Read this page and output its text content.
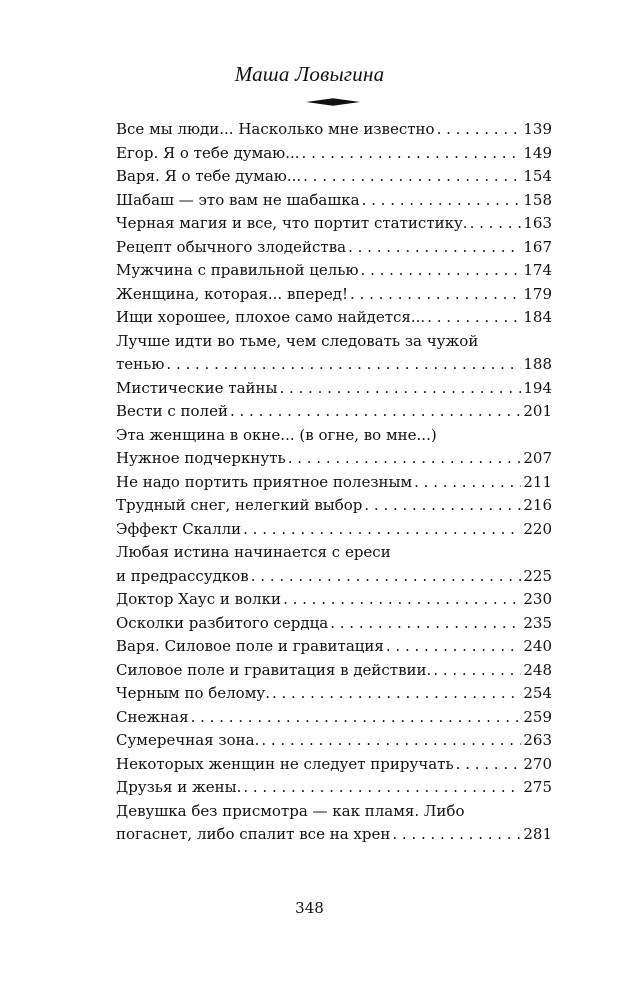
Маша Ловыгина
Все мы люди... Насколько мне известно . . .	139
Егор. Я о тебе думаю... . . .	149
Варя. Я о тебе думаю... . . .	154
Шабаш — это вам не шабашка . . .	158
Черная магия и все, что портит статистику. . . .	163
Рецепт обычного злодейства . . .	167
Мужчина с правильной целью . . .	174
Женщина, которая... вперед! . . .	179
Ищи хорошее, плохое само найдется... . . .	184
Лучше идти во тьме, чем следовать за чужой
тенью . . .	188
Мистические тайны . . .	194
Вести с полей . . .	201
Эта женщина в окне... (в огне, во мне...)
Нужное подчеркнуть . . .	207
Не надо портить приятное полезным . . .	211
Трудный снег, нелегкий выбор . . .	216
Эффект Скалли . . .	220
Любая истина начинается с ереси
и предрассудков . . .	225
Доктор Хаус и волки . . .	230
Осколки разбитого сердца . . .	235
Варя. Силовое поле и гравитация . . .	240
Силовое поле и гравитация в действии. . . .	248
Черным по белому. . . .	254
Снежная . . .	259
Сумеречная зона. . . .	263
Некоторых женщин не следует приручать . . .	270
Друзья и жены. . . .	275
Девушка без присмотра — как пламя. Либо
погаснет, либо спалит все на хрен . . .	281
348
